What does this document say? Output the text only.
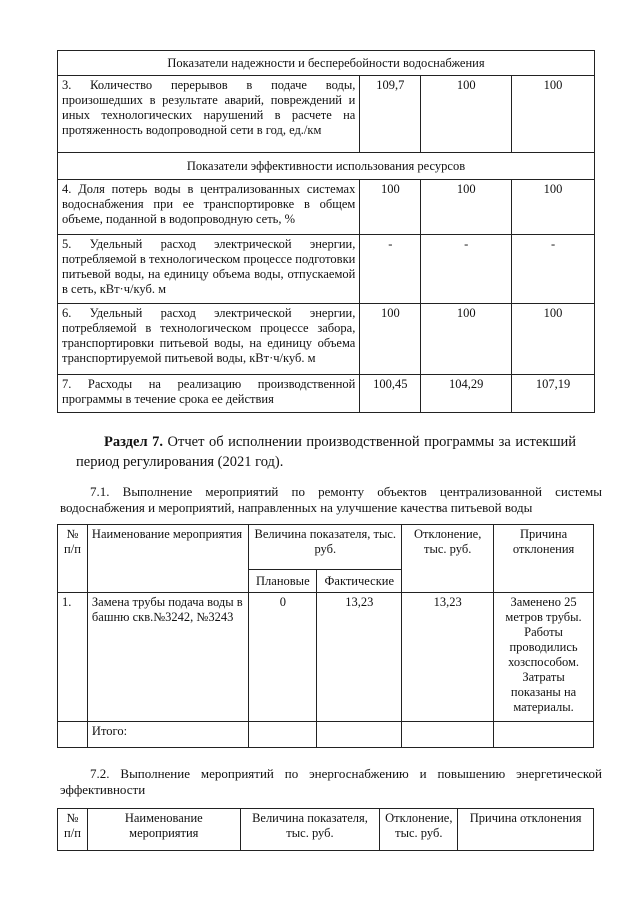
Показатели надежности и бесперебойности водоснабжения			
3. Количество перерывов в подаче воды, произошедших в результате аварий, повреждений и иных технологических нарушений в расчете на протяженность водопроводной сети в год, ед./км	109,7	100	100
Показатели эффективности использования ресурсов			
4. Доля потерь воды в централизованных системах водоснабжения при ее транспортировке в общем объеме, поданной в водопроводную сеть, %	100	100	100
5. Удельный расход электрической энергии, потребляемой в технологическом процессе подготовки питьевой воды, на единицу объема воды, отпускаемой в сеть, кВт·ч/куб. м	-	-	-
6. Удельный расход электрической энергии, потребляемой в технологическом процессе забора, транспортировки питьевой воды, на единицу объема транспортируемой питьевой воды, кВт·ч/куб. м	100	100	100
7. Расходы на реализацию производственной программы в течение срока ее действия	100,45	104,29	107,19
Раздел 7. Отчет об исполнении производственной программы за истекший период регулирования (2021 год).

7.1. Выполнение мероприятий по ремонту объектов централизованной системы водоснабжения и мероприятий, направленных на улучшение качества питьевой воды

№ п/п	Наименование мероприятия	Величина показателя, тыс. руб.		Отклонение, тыс. руб.	Причина отклонения
		Плановые	Фактические		
1.	Замена трубы подача воды в башню скв.№3242, №3243	0	13,23	13,23	Заменено 25 метров трубы. Работы проводились хозспособом. Затраты показаны на материалы.
	Итого:				

7.2. Выполнение мероприятий по энергоснабжению и повышению энергетической эффективности

№ п/п	Наименование мероприятия	Величина показателя, тыс. руб.	Отклонение, тыс. руб.	Причина отклонения
